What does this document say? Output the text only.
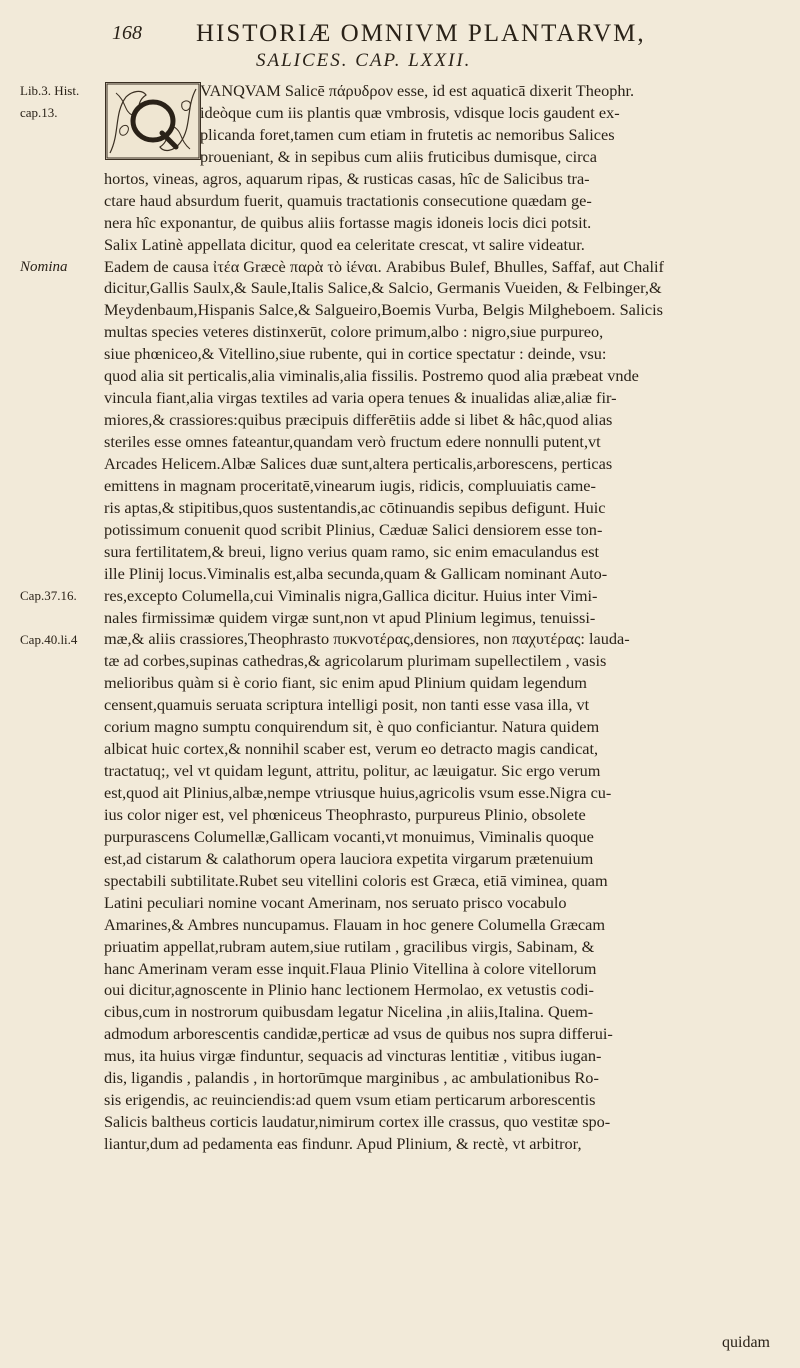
168 HISTORIÆ OMNIVM PLANTARVM,
SALICES. CAP. LXXII.
Lib.3. Hist.
cap.13.
Nomina
Cap.37.16.
Cap.40.li.4
VANQVAM Salicē πάρυδρον esse, id est aquaticā dixerit Theophr.
ideòque cum iis plantis quæ vmbrosis, vdisque locis gaudent ex-
plicanda foret,tamen cum etiam in frutetis ac nemoribus Salices
proueniant, & in sepibus cum aliis fruticibus dumisque, circa
hortos, vineas, agros, aquarum ripas, & rusticas casas, hîc de Salicibus tra-
ctare haud absurdum fuerit, quamuis tractationis consecutione quædam ge-
nera hîc exponantur, de quibus aliis fortasse magis idoneis locis dici potsit.
Salix Latinè appellata dicitur, quod ea celeritate crescat, vt salire videatur.
Eadem de causa ἰτέα Græcè παρὰ τὸ ἰέναι. Arabibus Bulef, Bhulles, Saffaf, aut Chalif
dicitur,Gallis Saulx,& Saule,Italis Salice,& Salcio, Germanis Vueiden, & Felbinger,&
Meydenbaum,Hispanis Salce,& Salgueiro,Boemis Vurba, Belgis Milgheboem. Salicis
multas species veteres distinxerūt, colore primum,albo : nigro,siue purpureo,
siue phœniceo,& Vitellino,siue rubente, qui in cortice spectatur : deinde, vsu:
quod alia sit perticalis,alia viminalis,alia fissilis. Postremo quod alia præbeat vnde
vincula fiant,alia virgas textiles ad varia opera tenues & inualidas aliæ,aliæ fir-
miores,& crassiores:quibus præcipuis differētiis adde si libet & hâc,quod alias
steriles esse omnes fateantur,quandam verò fructum edere nonnulli putent,vt
Arcades Helicem.Albæ Salices duæ sunt,altera perticalis,arborescens, perticas
emittens in magnam proceritatē,vinearum iugis, ridicis, compluuiatis came-
ris aptas,& stipitibus,quos sustentandis,ac cōtinuandis sepibus defigunt. Huic
potissimum conuenit quod scribit Plinius, Cæduæ Salici densiorem esse ton-
sura fertilitatem,& breui, ligno verius quam ramo, sic enim emaculandus est
ille Plinij locus.Viminalis est,alba secunda,quam & Gallicam nominant Auto-
res,excepto Columella,cui Viminalis nigra,Gallica dicitur. Huius inter Vimi-
nales firmissimæ quidem virgæ sunt,non vt apud Plinium legimus, tenuissi-
mæ,& aliis crassiores,Theophrasto πυκνοτέρας,densiores, non παχυτέρας: lauda-
tæ ad corbes,supinas cathedras,& agricolarum plurimam supellectilem , vasis
melioribus quàm si è corio fiant, sic enim apud Plinium quidam legendum
censent,quamuis seruata scriptura intelligi posit, non tanti esse vasa illa, vt
corium magno sumptu conquirendum sit, è quo conficiantur. Natura quidem
albicat huic cortex,& nonnihil scaber est, verum eo detracto magis candicat,
tractatuq;, vel vt quidam legunt, attritu, politur, ac læuigatur. Sic ergo verum
est,quod ait Plinius,albæ,nempe vtriusque huius,agricolis vsum esse.Nigra cu-
ius color niger est, vel phœniceus Theophrasto, purpureus Plinio, obsolete
purpurascens Columellæ,Gallicam vocanti,vt monuimus, Viminalis quoque
est,ad cistarum & calathorum opera lauciora expetita virgarum prætenuium
spectabili subtilitate.Rubet seu vitellini coloris est Græca, etiā viminea, quam
Latini peculiari nomine vocant Amerinam, nos seruato prisco vocabulo
Amarines,& Ambres nuncupamus. Flauam in hoc genere Columella Græcam
priuatim appellat,rubram autem,siue rutilam , gracilibus virgis, Sabinam, &
hanc Amerinam veram esse inquit.Flaua Plinio Vitellina à colore vitellorum
oui dicitur,agnoscente in Plinio hanc lectionem Hermolao, ex vetustis codi-
cibus,cum in nostrorum quibusdam legatur Nicelina ,in aliis,Italina. Quem-
admodum arborescentis candidæ,perticæ ad vsus de quibus nos supra differui-
mus, ita huius virgæ finduntur, sequacis ad vincturas lentitiæ , vitibus iugan-
dis, ligandis , palandis , in hortorūmque marginibus , ac ambulationibus Ro-
sis erigendis, ac reuinciendis:ad quem vsum etiam perticarum arborescentis
Salicis baltheus corticis laudatur,nimirum cortex ille crassus, quo vestitæ spo-
liantur,dum ad pedamenta eas findunr. Apud Plinium, & rectè, vt arbitror,
quidam
